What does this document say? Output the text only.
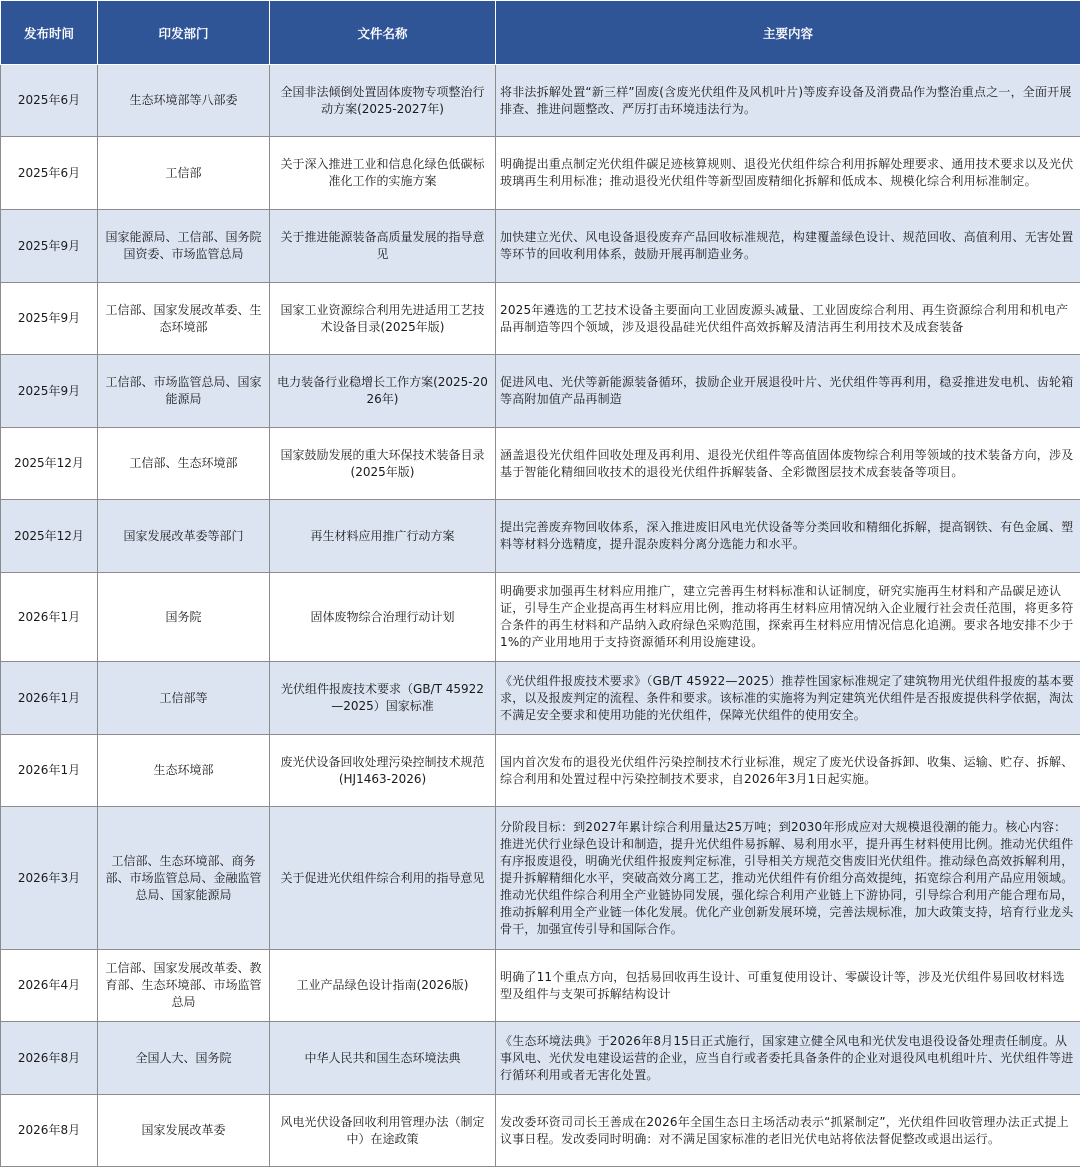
发布时间	印发部门	文件名称	主要内容
2025年6月	生态环境部等八部委	全国非法倾倒处置固体废物专项整治行动方案(2025-2027年)	将非法拆解处置“新三样”固废(含废光伏组件及风机叶片)等废弃设备及消费品作为整治重点之一，全面开展排查、推进问题整改、严厉打击环境违法行为。
2025年6月	工信部	关于深入推进工业和信息化绿色低碳标准化工作的实施方案	明确提出重点制定光伏组件碳足迹核算规则、退役光伏组件综合利用拆解处理要求、通用技术要求以及光伏玻璃再生利用标准；推动退役光伏组件等新型固废精细化拆解和低成本、规模化综合利用标准制定。
2025年9月	国家能源局、工信部、国务院国资委、市场监管总局	关于推进能源装备高质量发展的指导意见	加快建立光伏、风电设备退役废弃产品回收标准规范，构建覆盖绿色设计、规范回收、高值利用、无害处置等环节的回收利用体系，鼓励开展再制造业务。
2025年9月	工信部、国家发展改革委、生态环境部	国家工业资源综合利用先进适用工艺技术设备目录(2025年版)	2025年遴选的工艺技术设备主要面向工业固废源头减量、工业固废综合利用、再生资源综合利用和机电产品再制造等四个领域，涉及退役晶硅光伏组件高效拆解及清洁再生利用技术及成套装备
2025年9月	工信部、市场监管总局、国家能源局	电力装备行业稳增长工作方案(2025-2026年)	促进风电、光伏等新能源装备循环，拔励企业开展退役叶片、光伏组件等再利用，稳妥推进发电机、齿轮箱等高附加值产品再制造
2025年12月	工信部、生态环境部	国家鼓励发展的重大环保技术装备目录(2025年版)	涵盖退役光伏组件回收处理及再利用、退役光伏组件等高值固体废物综合利用等领域的技术装备方向，涉及基于智能化精细回收技术的退役光伏组件拆解装备、全彩微图层技术成套装备等项目。
2025年12月	国家发展改革委等部门	再生材料应用推广行动方案	提出完善废弃物回收体系，深入推进废旧风电光伏设备等分类回收和精细化拆解，提高钢铁、有色金属、塑料等材料分选精度，提升混杂废料分离分选能力和水平。
2026年1月	国务院	固体废物综合治理行动计划	明确要求加强再生材料应用推广，建立完善再生材料标准和认证制度，研究实施再生材料和产品碳足迹认证，引导生产企业提高再生材料应用比例，推动将再生材料应用情况纳入企业履行社会责任范围，将更多符合条件的再生材料和产品纳入政府绿色采购范围，探索再生材料应用情况信息化追溯。要求各地安排不少于1%的产业用地用于支持资源循环利用设施建设。
2026年1月	工信部等	光伏组件报废技术要求（GB/T 45922—2025）国家标准	《光伏组件报废技术要求》（GB/T 45922—2025）推荐性国家标准规定了建筑物用光伏组件报废的基本要求，以及报废判定的流程、条件和要求。该标准的实施将为判定建筑光伏组件是否报废提供科学依据，淘汰不满足安全要求和使用功能的光伏组件，保障光伏组件的使用安全。
2026年1月	生态环境部	废光伏设备回收处理污染控制技术规范(HJ1463-2026)	国内首次发布的退役光伏组件污染控制技术行业标准，规定了废光伏设备拆卸、收集、运输、贮存、拆解、综合利用和处置过程中污染控制技术要求，自2026年3月1日起实施。
2026年3月	工信部、生态环境部、商务部、市场监管总局、金融监管总局、国家能源局	关于促进光伏组件综合利用的指导意见	分阶段目标：到2027年累计综合利用量达25万吨；到2030年形成应对大规模退役潮的能力。核心内容：推进光伏行业绿色设计和制造，提升光伏组件易拆解、易利用水平，提升再生材料使用比例。推动光伏组件有序报废退役，明确光伏组件报废判定标准，引导相关方规范交售废旧光伏组件。推动绿色高效拆解利用，提升拆解精细化水平，突破高效分离工艺，推动光伏组件有价组分高效提纯，拓宽综合利用产品应用领域。推动光伏组件综合利用全产业链协同发展，强化综合利用产业链上下游协同，引导综合利用产能合理布局，推动拆解利用全产业链一体化发展。优化产业创新发展环境，完善法规标准，加大政策支持，培育行业龙头骨干，加强宣传引导和国际合作。
2026年4月	工信部、国家发展改革委、教育部、生态环境部、市场监管总局	工业产品绿色设计指南(2026版)	明确了11个重点方向，包括易回收再生设计、可重复使用设计、零碳设计等，涉及光伏组件易回收材料选型及组件与支架可拆解结构设计
2026年8月	全国人大、国务院	中华人民共和国生态环境法典	《生态环境法典》于2026年8月15日正式施行，国家建立健全风电和光伏发电退役设备处理责任制度。从事风电、光伏发电建设运营的企业，应当自行或者委托具备条件的企业对退役风电机组叶片、光伏组件等进行循环利用或者无害化处置。
2026年8月	国家发展改革委	风电光伏设备回收利用管理办法（制定中）在途政策	发改委环资司司长王善成在2026年全国生态日主场活动表示“抓紧制定”，光伏组件回收管理办法正式提上议事日程。发改委同时明确：对不满足国家标准的老旧光伏电站将依法督促整改或退出运行。
